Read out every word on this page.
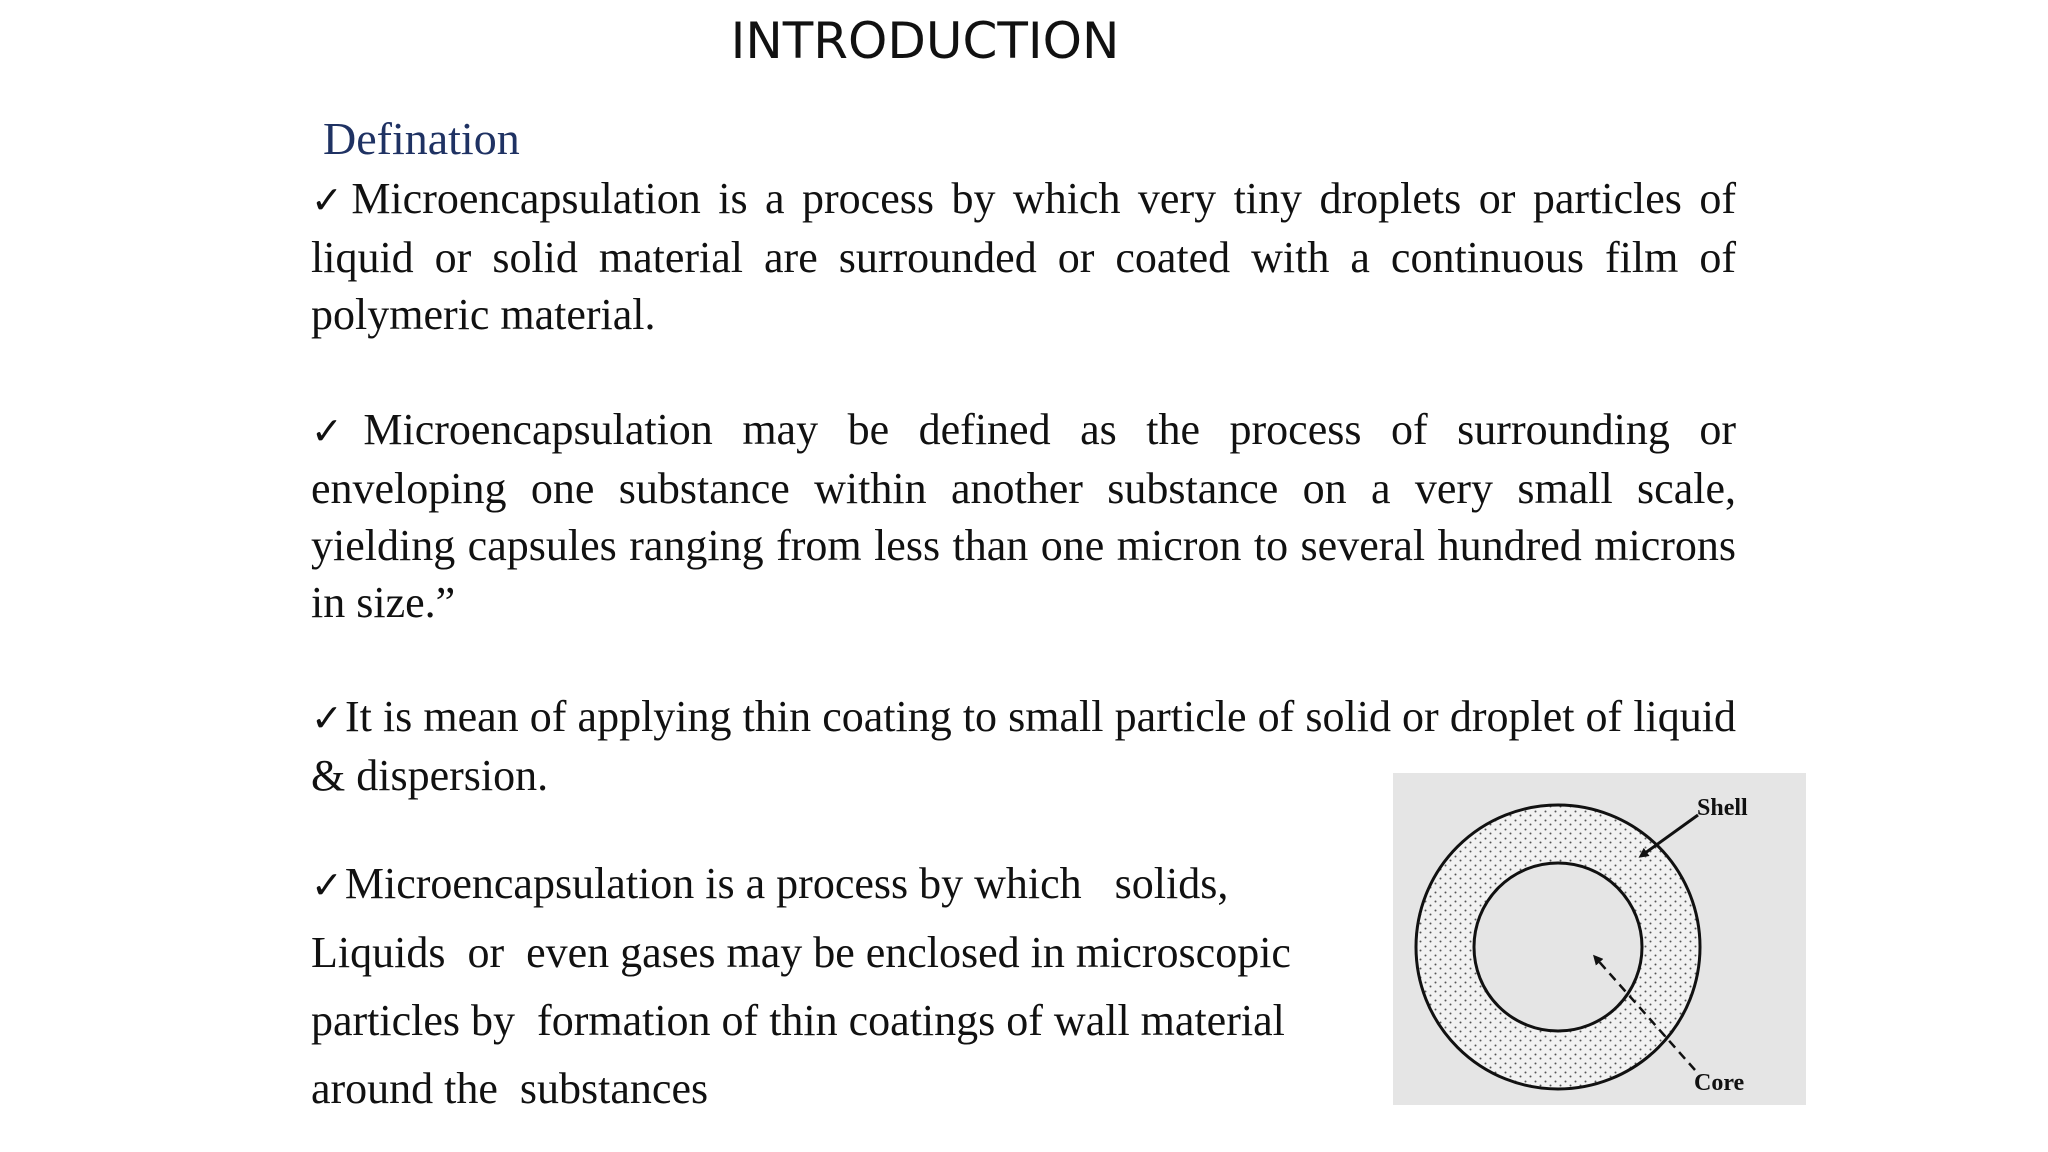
INTRODUCTION
Defination
✓Microencapsulation is a process by which very tiny droplets or particles of liquid or solid material are surrounded or coated with a continuous film of polymeric material.
✓Microencapsulation may be defined as the process of surrounding or enveloping one substance within another substance on a very small scale, yielding capsules ranging from less than one micron to several hundred microns in size.”
✓It is mean of applying thin coating to small particle of solid or droplet of liquid & dispersion.
✓Microencapsulation is a process by which   solids,
Liquids  or  even gases may be enclosed in microscopic
particles by  formation of thin coatings of wall material
around the  substances
Shell
Core
